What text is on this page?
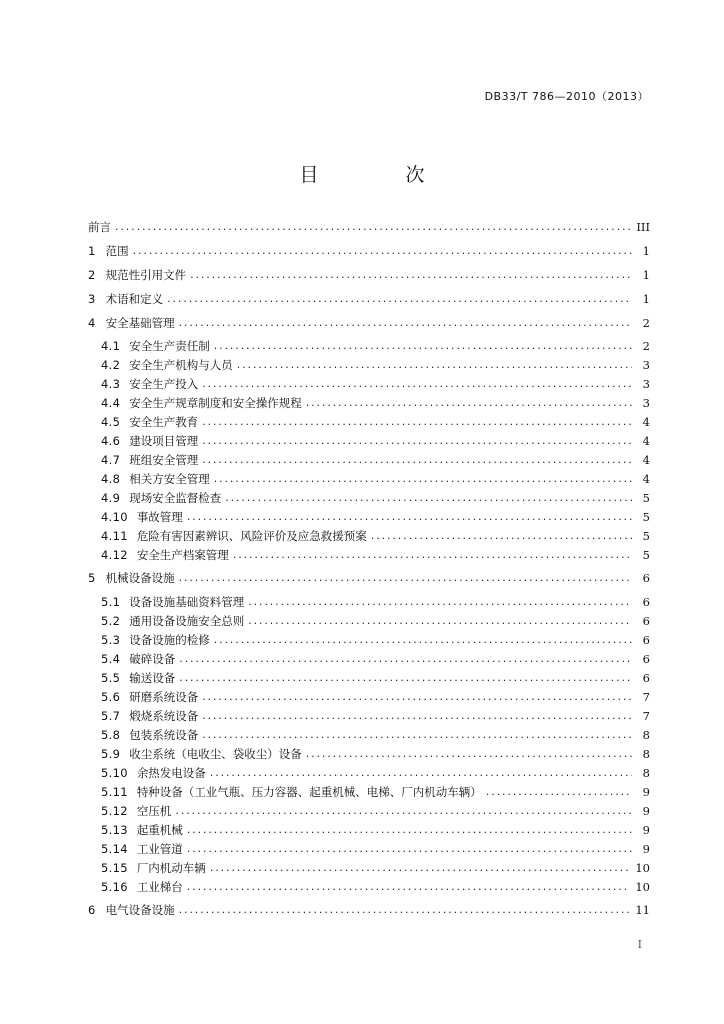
DB33/T 786—2010（2013）
目　次
前言 . . .	III
1 范围 . . .	1
2 规范性引用文件 . . .	1
3 术语和定义 . . .	1
4 安全基础管理 . . .	2
4.1 安全生产责任制 . . .	2
4.2 安全生产机构与人员 . . .	3
4.3 安全生产投入 . . .	3
4.4 安全生产规章制度和安全操作规程 . . .	3
4.5 安全生产教育 . . .	4
4.6 建设项目管理 . . .	4
4.7 班组安全管理 . . .	4
4.8 相关方安全管理 . . .	4
4.9 现场安全监督检查 . . .	5
4.10 事故管理 . . .	5
4.11 危险有害因素辨识、风险评价及应急救援预案 . . .	5
4.12 安全生产档案管理 . . .	5
5 机械设备设施 . . .	6
5.1 设备设施基础资料管理 . . .	6
5.2 通用设备设施安全总则 . . .	6
5.3 设备设施的检修 . . .	6
5.4 破碎设备 . . .	6
5.5 输送设备 . . .	6
5.6 研磨系统设备 . . .	7
5.7 煅烧系统设备 . . .	7
5.8 包装系统设备 . . .	8
5.9 收尘系统（电收尘、袋收尘）设备 . . .	8
5.10 余热发电设备 . . .	8
5.11 特种设备（工业气瓶、压力容器、起重机械、电梯、厂内机动车辆） . . .	9
5.12 空压机 . . .	9
5.13 起重机械 . . .	9
5.14 工业管道 . . .	9
5.15 厂内机动车辆 . . .	10
5.16 工业梯台 . . .	10
6 电气设备设施 . . .	11
I
